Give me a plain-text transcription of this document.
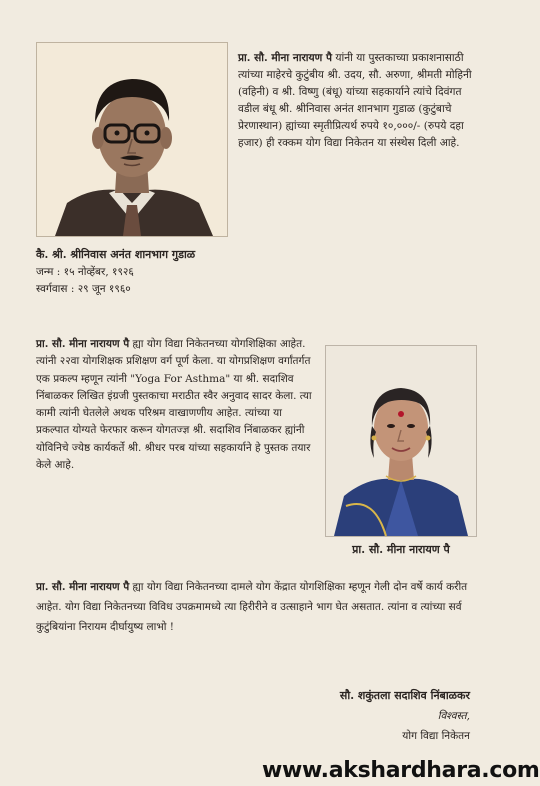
प्रा. सौ. मीना नारायण पै यांनी या पुस्तकाच्या प्रकाशनासाठी त्यांच्या माहेरचे कुटुंबीय श्री. उदय, सौ. अरुणा, श्रीमती मोहिनी (वहिनी) व श्री. विष्णु (बंधू) यांच्या सहकार्याने त्यांचे दिवंगत वडील बंधू श्री. श्रीनिवास अनंत शानभाग गुडाळ (कुटुंबाचे प्रेरणास्थान) ह्यांच्या स्मृतीप्रित्यर्थ रुपये १०,०००/- (रुपये दहा हजार) ही रक्कम योग विद्या निकेतन या संस्थेस दिली आहे.
कै. श्री. श्रीनिवास अनंत शानभाग गुडाळ
जन्म : १५ नोव्हेंबर, १९२६
स्वर्गवास : २९ जून १९६०
प्रा. सौ. मीना नारायण पै ह्या योग विद्या निकेतनच्या योगशिक्षिका आहेत. त्यांनी २२वा योगशिक्षक प्रशिक्षण वर्ग पूर्ण केला. या योगप्रशिक्षण वर्गांतर्गत एक प्रकल्प म्हणून त्यांनी "Yoga For Asthma" या श्री. सदाशिव निंबाळकर लिखित इंग्रजी पुस्तकाचा मराठीत स्वैर अनुवाद सादर केला. त्या कामी त्यांनी घेतलेले अथक परिश्रम वाखाणणीय आहेत. त्यांच्या या प्रकल्पात योग्यते फेरफार करून योगतज्ज्ञ श्री. सदाशिव निंबाळकर ह्यांनी योविनिचे ज्येष्ठ कार्यकर्ते श्री. श्रीधर परब यांच्या सहकार्याने हे पुस्तक तयार केले आहे.
प्रा. सौ. मीना नारायण पै
प्रा. सौ. मीना नारायण पै ह्या योग विद्या निकेतनच्या दामले योग केंद्रात योगशिक्षिका म्हणून गेली दोन वर्षे कार्य करीत आहेत. योग विद्या निकेतनच्या विविध उपक्रमामध्ये त्या हिरीरीने व उत्साहाने भाग घेत असतात. त्यांना व त्यांच्या सर्व कुटुंबियांना निरायम दीर्घायुष्य लाभो !
सौ. शकुंतला सदाशिव निंबाळकर
विश्वस्त,
योग विद्या निकेतन
www.akshardhara.com
